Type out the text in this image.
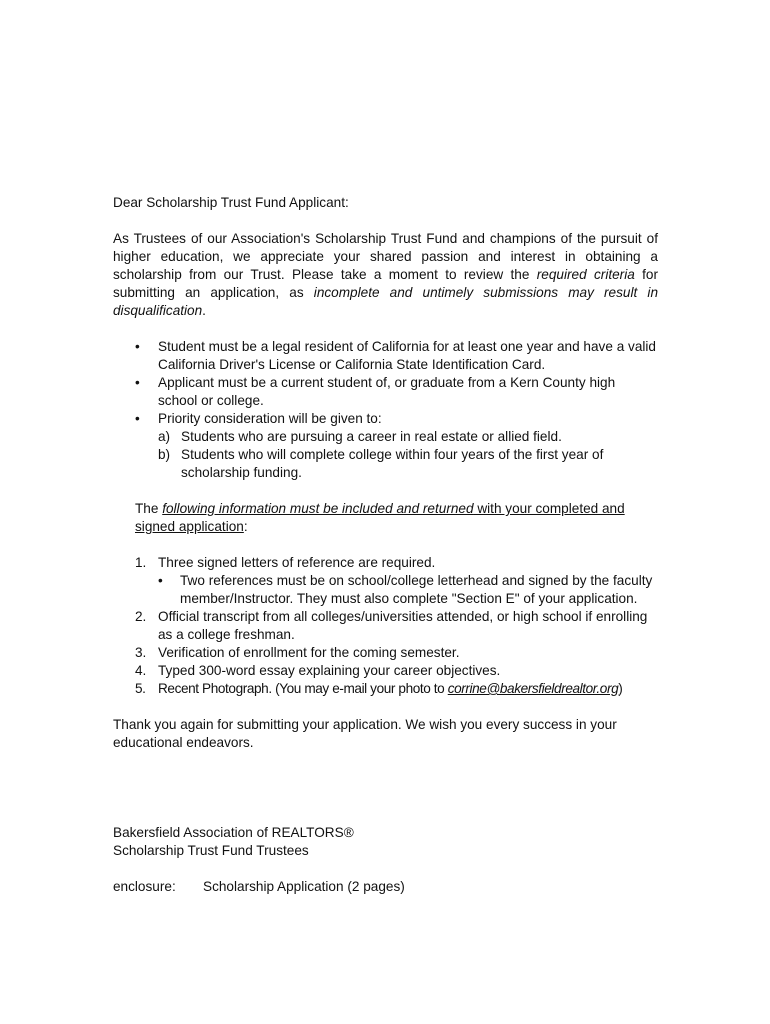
Dear Scholarship Trust Fund Applicant:

As Trustees of our Association's Scholarship Trust Fund and champions of the pursuit of higher education, we appreciate your shared passion and interest in obtaining a scholarship from our Trust. Please take a moment to review the required criteria for submitting an application, as incomplete and untimely submissions may result in disqualification.

• Student must be a legal resident of California for at least one year and have a valid California Driver's License or California State Identification Card.
• Applicant must be a current student of, or graduate from a Kern County high school or college.
• Priority consideration will be given to:
a) Students who are pursuing a career in real estate or allied field.
b) Students who will complete college within four years of the first year of scholarship funding.

The following information must be included and returned with your completed and signed application:

1. Three signed letters of reference are required.
• Two references must be on school/college letterhead and signed by the faculty member/Instructor. They must also complete "Section E" of your application.
2. Official transcript from all colleges/universities attended, or high school if enrolling as a college freshman.
3. Verification of enrollment for the coming semester.
4. Typed 300-word essay explaining your career objectives.
5. Recent Photograph. (You may e-mail your photo to corrine@bakersfieldrealtor.org)

Thank you again for submitting your application. We wish you every success in your educational endeavors.

Bakersfield Association of REALTORS®

Scholarship Trust Fund Trustees

enclosure: Scholarship Application (2 pages)
